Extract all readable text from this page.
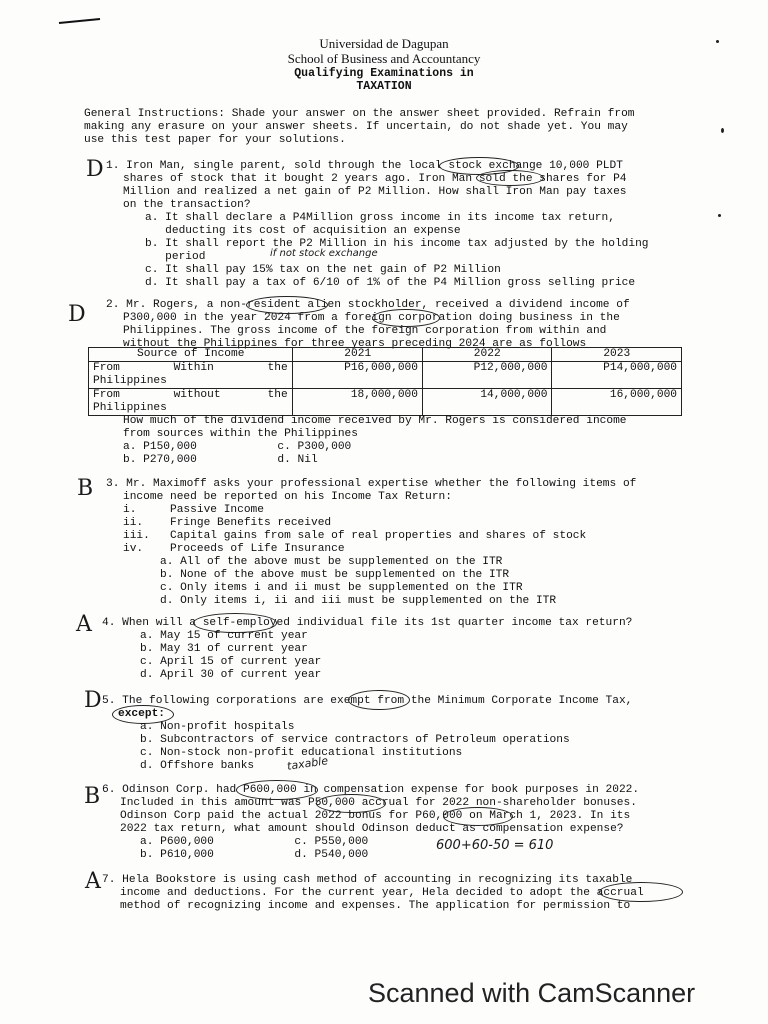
Universidad de Dagupan
School of Business and Accountancy
Qualifying Examinations in
TAXATION
General Instructions: Shade your answer on the answer sheet provided. Refrain from
making any erasure on your answer sheets. If uncertain, do not shade yet. You may
use this test paper for your solutions.
D 1. Iron Man, single parent, sold through the local stock exchange 10,000 PLDT
shares of stock that it bought 2 years ago. Iron Man sold the shares for P4
Million and realized a net gain of P2 Million. How shall Iron Man pay taxes
on the transaction?
a. It shall declare a P4Million gross income in its income tax return,
deducting its cost of acquisition an expense
b. It shall report the P2 Million in his income tax adjusted by the holding
period
c. It shall pay 15% tax on the net gain of P2 Million
d. It shall pay a tax of 6/10 of 1% of the P4 Million gross selling price
if not stock exchange
D 2. Mr. Rogers, a non-resident alien stockholder, received a dividend income of
P300,000 in the year 2024 from a foreign corporation doing business in the
Philippines. The gross income of the foreign corporation from within and
without the Philippines for three years preceding 2024 are as follows
Source of Income	2021	2022	2023
From        Within        the
Philippines	P16,000,000	P12,000,000	P14,000,000
From        without       the
Philippines	18,000,000	14,000,000	16,000,000
How much of the dividend income received by Mr. Rogers is considered income
from sources within the Philippines
a. P150,000            c. P300,000
b. P270,000            d. Nil
B 3. Mr. Maximoff asks your professional expertise whether the following items of
income need be reported on his Income Tax Return:
i.     Passive Income
ii.    Fringe Benefits received
iii.   Capital gains from sale of real properties and shares of stock
iv.    Proceeds of Life Insurance
a. All of the above must be supplemented on the ITR
b. None of the above must be supplemented on the ITR
c. Only items i and ii must be supplemented on the ITR
d. Only items i, ii and iii must be supplemented on the ITR
A 4. When will a self-employed individual file its 1st quarter income tax return?
a. May 15 of current year
b. May 31 of current year
c. April 15 of current year
d. April 30 of current year
D 5. The following corporations are exempt from the Minimum Corporate Income Tax,
except:
a. Non-profit hospitals
b. Subcontractors of service contractors of Petroleum operations
c. Non-stock non-profit educational institutions
d. Offshore banks	taxable
B 6. Odinson Corp. had P600,000 in compensation expense for book purposes in 2022.
Included in this amount was P50,000 accrual for 2022 non-shareholder bonuses.
Odinson Corp paid the actual 2022 bonus for P60,000 on March 1, 2023. In its
2022 tax return, what amount should Odinson deduct as compensation expense?
a. P600,000            c. P550,000
b. P610,000            d. P540,000
600+60-50 = 610
A 7. Hela Bookstore is using cash method of accounting in recognizing its taxable
income and deductions. For the current year, Hela decided to adopt the accrual
method of recognizing income and expenses. The application for permission to
Scanned with CamScanner
